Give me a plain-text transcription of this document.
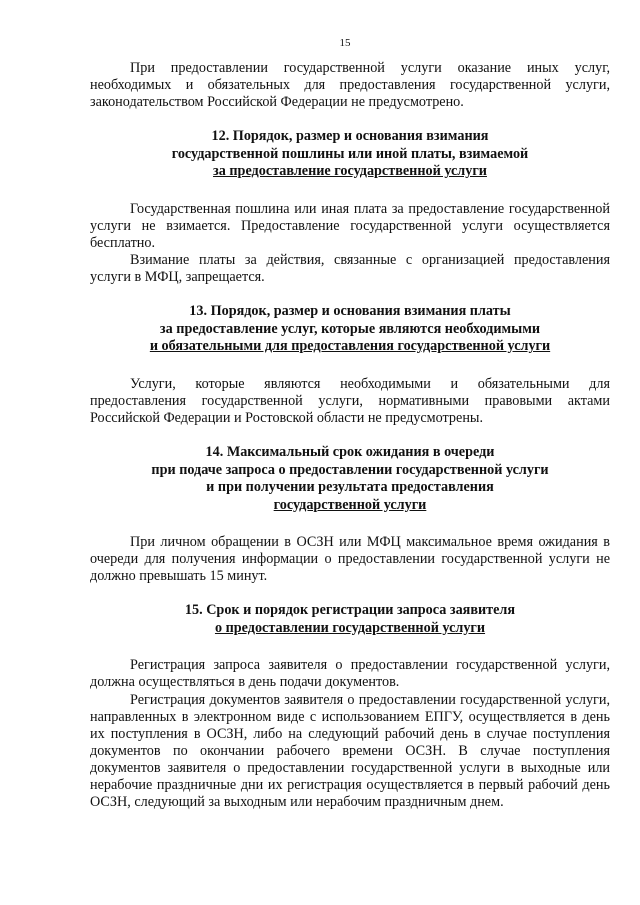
15

При предоставлении государственной услуги оказание иных услуг, необходимых и обязательных для предоставления государственной услуги, законодательством Российской Федерации не предусмотрено.

12. Порядок, размер и основания взимания
государственной пошлины или иной платы, взимаемой
за предоставление государственной услуги

Государственная пошлина или иная плата за предоставление государственной услуги не взимается. Предоставление государственной услуги осуществляется бесплатно.

Взимание платы за действия, связанные с организацией предоставления услуги в МФЦ, запрещается.

13. Порядок, размер и основания взимания платы
за предоставление услуг, которые являются необходимыми
и обязательными для предоставления государственной услуги

Услуги, которые являются необходимыми и обязательными для предоставления государственной услуги, нормативными правовыми актами Российской Федерации и Ростовской области не предусмотрены.

14. Максимальный срок ожидания в очереди
при подаче запроса о предоставлении государственной услуги
и при получении результата предоставления
государственной услуги

При личном обращении в ОСЗН или МФЦ максимальное время ожидания в очереди для получения информации о предоставлении государственной услуги не должно превышать 15 минут.

15. Срок и порядок регистрации запроса заявителя
о предоставлении государственной услуги

Регистрация запроса заявителя о предоставлении государственной услуги, должна осуществляться в день подачи документов.

Регистрация документов заявителя о предоставлении государственной услуги, направленных в электронном виде с использованием ЕПГУ, осуществляется в день их поступления в ОСЗН, либо на следующий рабочий день в случае поступления документов по окончании рабочего времени ОСЗН. В случае поступления документов заявителя о предоставлении государственной услуги в выходные или нерабочие праздничные дни их регистрация осуществляется в первый рабочий день ОСЗН, следующий за выходным или нерабочим праздничным днем.
